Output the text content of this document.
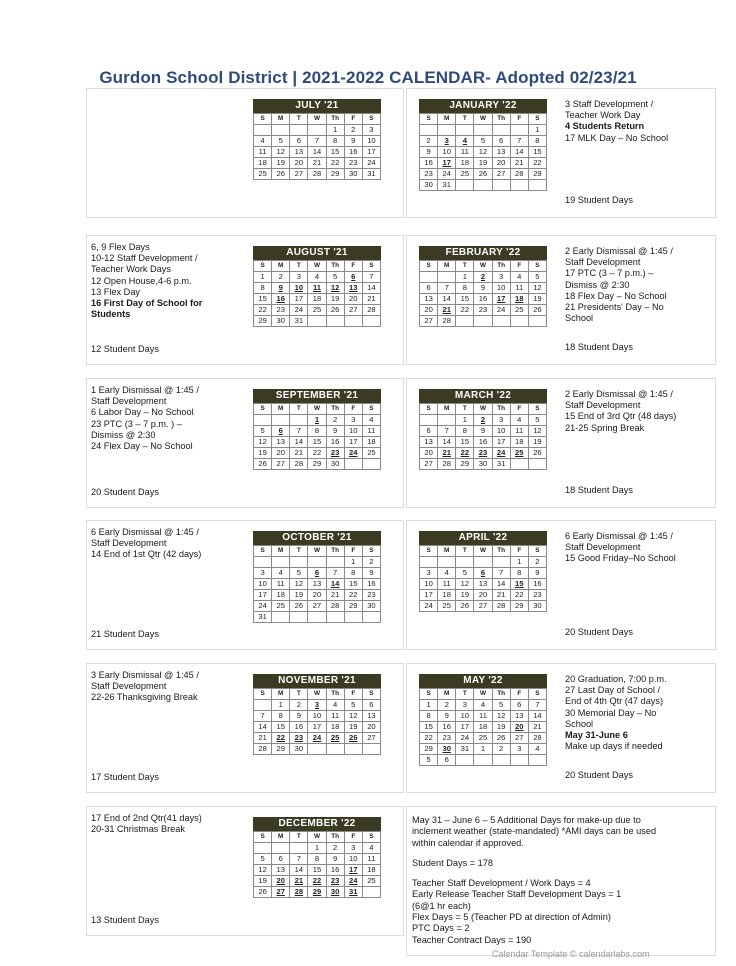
Gurdon School District | 2021-2022 CALENDAR- Adopted 02/23/21
JULY '21
S	M	T	W	Th	F	S
				1	2	3
4	5	6	7	8	9	10
11	12	13	14	15	16	17
18	19	20	21	22	23	24
25	26	27	28	29	30	31
JANUARY '22
S	M	T	W	Th	F	S
						1
2	3	4	5	6	7	8
9	10	11	12	13	14	15
16	17	18	19	20	21	22
23	24	25	26	27	28	29
30	31					
3 Staff Development /
Teacher Work Day
4 Students Return
17 MLK Day – No School
19 Student Days
6, 9 Flex Days
10-12 Staff Development /
Teacher Work Days
12 Open House,4-6 p.m.
13 Flex Day
16 First Day of School for
Students
12 Student Days
AUGUST '21
S	M	T	W	Th	F	S
1	2	3	4	5	6	7
8	9	10	11	12	13	14
15	16	17	18	19	20	21
22	23	24	25	26	27	28
29	30	31				
FEBRUARY '22
S	M	T	W	Th	F	S
		1	2	3	4	5
6	7	8	9	10	11	12
13	14	15	16	17	18	19
20	21	22	23	24	25	26
27	28					
2 Early Dismissal @ 1:45 /
Staff Development
17 PTC (3 – 7 p.m.) –
Dismiss @ 2:30
18 Flex Day – No School
21 Presidents' Day – No
School
18 Student Days
1 Early Dismissal @ 1:45 /
Staff Development
6 Labor Day – No School
23 PTC (3 – 7 p.m. ) –
Dismiss @ 2:30
24 Flex Day – No School
20 Student Days
SEPTEMBER '21
S	M	T	W	Th	F	S
			1	2	3	4
5	6	7	8	9	10	11
12	13	14	15	16	17	18
19	20	21	22	23	24	25
26	27	28	29	30		
MARCH '22
S	M	T	W	Th	F	S
		1	2	3	4	5
6	7	8	9	10	11	12
13	14	15	16	17	18	19
20	21	22	23	24	25	26
27	28	29	30	31		
2 Early Dismissal @ 1:45 /
Staff Development
15 End of 3rd Qtr (48 days)
21-25 Spring Break
18 Student Days
6 Early Dismissal @ 1:45 /
Staff Development
14 End of 1st Qtr (42 days)
21 Student Days
OCTOBER '21
S	M	T	W	Th	F	S
					1	2
3	4	5	6	7	8	9
10	11	12	13	14	15	16
17	18	19	20	21	22	23
24	25	26	27	28	29	30
31						
APRIL '22
S	M	T	W	Th	F	S
					1	2
3	4	5	6	7	8	9
10	11	12	13	14	15	16
17	18	19	20	21	22	23
24	25	26	27	28	29	30
6 Early Dismissal @ 1:45 /
Staff Development
15 Good Friday–No School
20 Student Days
3 Early Dismissal @ 1:45 /
Staff Development
22-26 Thanksgiving Break
17 Student Days
NOVEMBER '21
S	M	T	W	Th	F	S
	1	2	3	4	5	6
7	8	9	10	11	12	13
14	15	16	17	18	19	20
21	22	23	24	25	26	27
28	29	30				
MAY '22
S	M	T	W	Th	F	S
1	2	3	4	5	6	7
8	9	10	11	12	13	14
15	16	17	18	19	20	21
22	23	24	25	26	27	28
29	30	31	1	2	3	4
5	6					
20 Graduation, 7:00 p.m.
27 Last Day of School /
End of 4th Qtr (47 days)
30 Memorial Day – No
School
May 31-June 6
Make up days if needed
20 Student Days
17 End of 2nd Qtr(41 days)
20-31 Christmas Break
13 Student Days
DECEMBER '22
S	M	T	W	Th	F	S
			1	2	3	4
5	6	7	8	9	10	11
12	13	14	15	16	17	18
19	20	21	22	23	24	25
26	27	28	29	30	31	
May 31 – June 6 – 5 Additional Days for make-up due to
inclement weather (state-mandated) *AMI days can be used
within calendar if approved.
Student Days = 178
Teacher Staff Development / Work Days = 4
Early Release Teacher Staff Development Days = 1
(6@1 hr each)
Flex Days = 5 (Teacher PD at direction of Admin)
PTC Days = 2
Teacher Contract Days = 190
Calendar Template © calendarlabs.com
